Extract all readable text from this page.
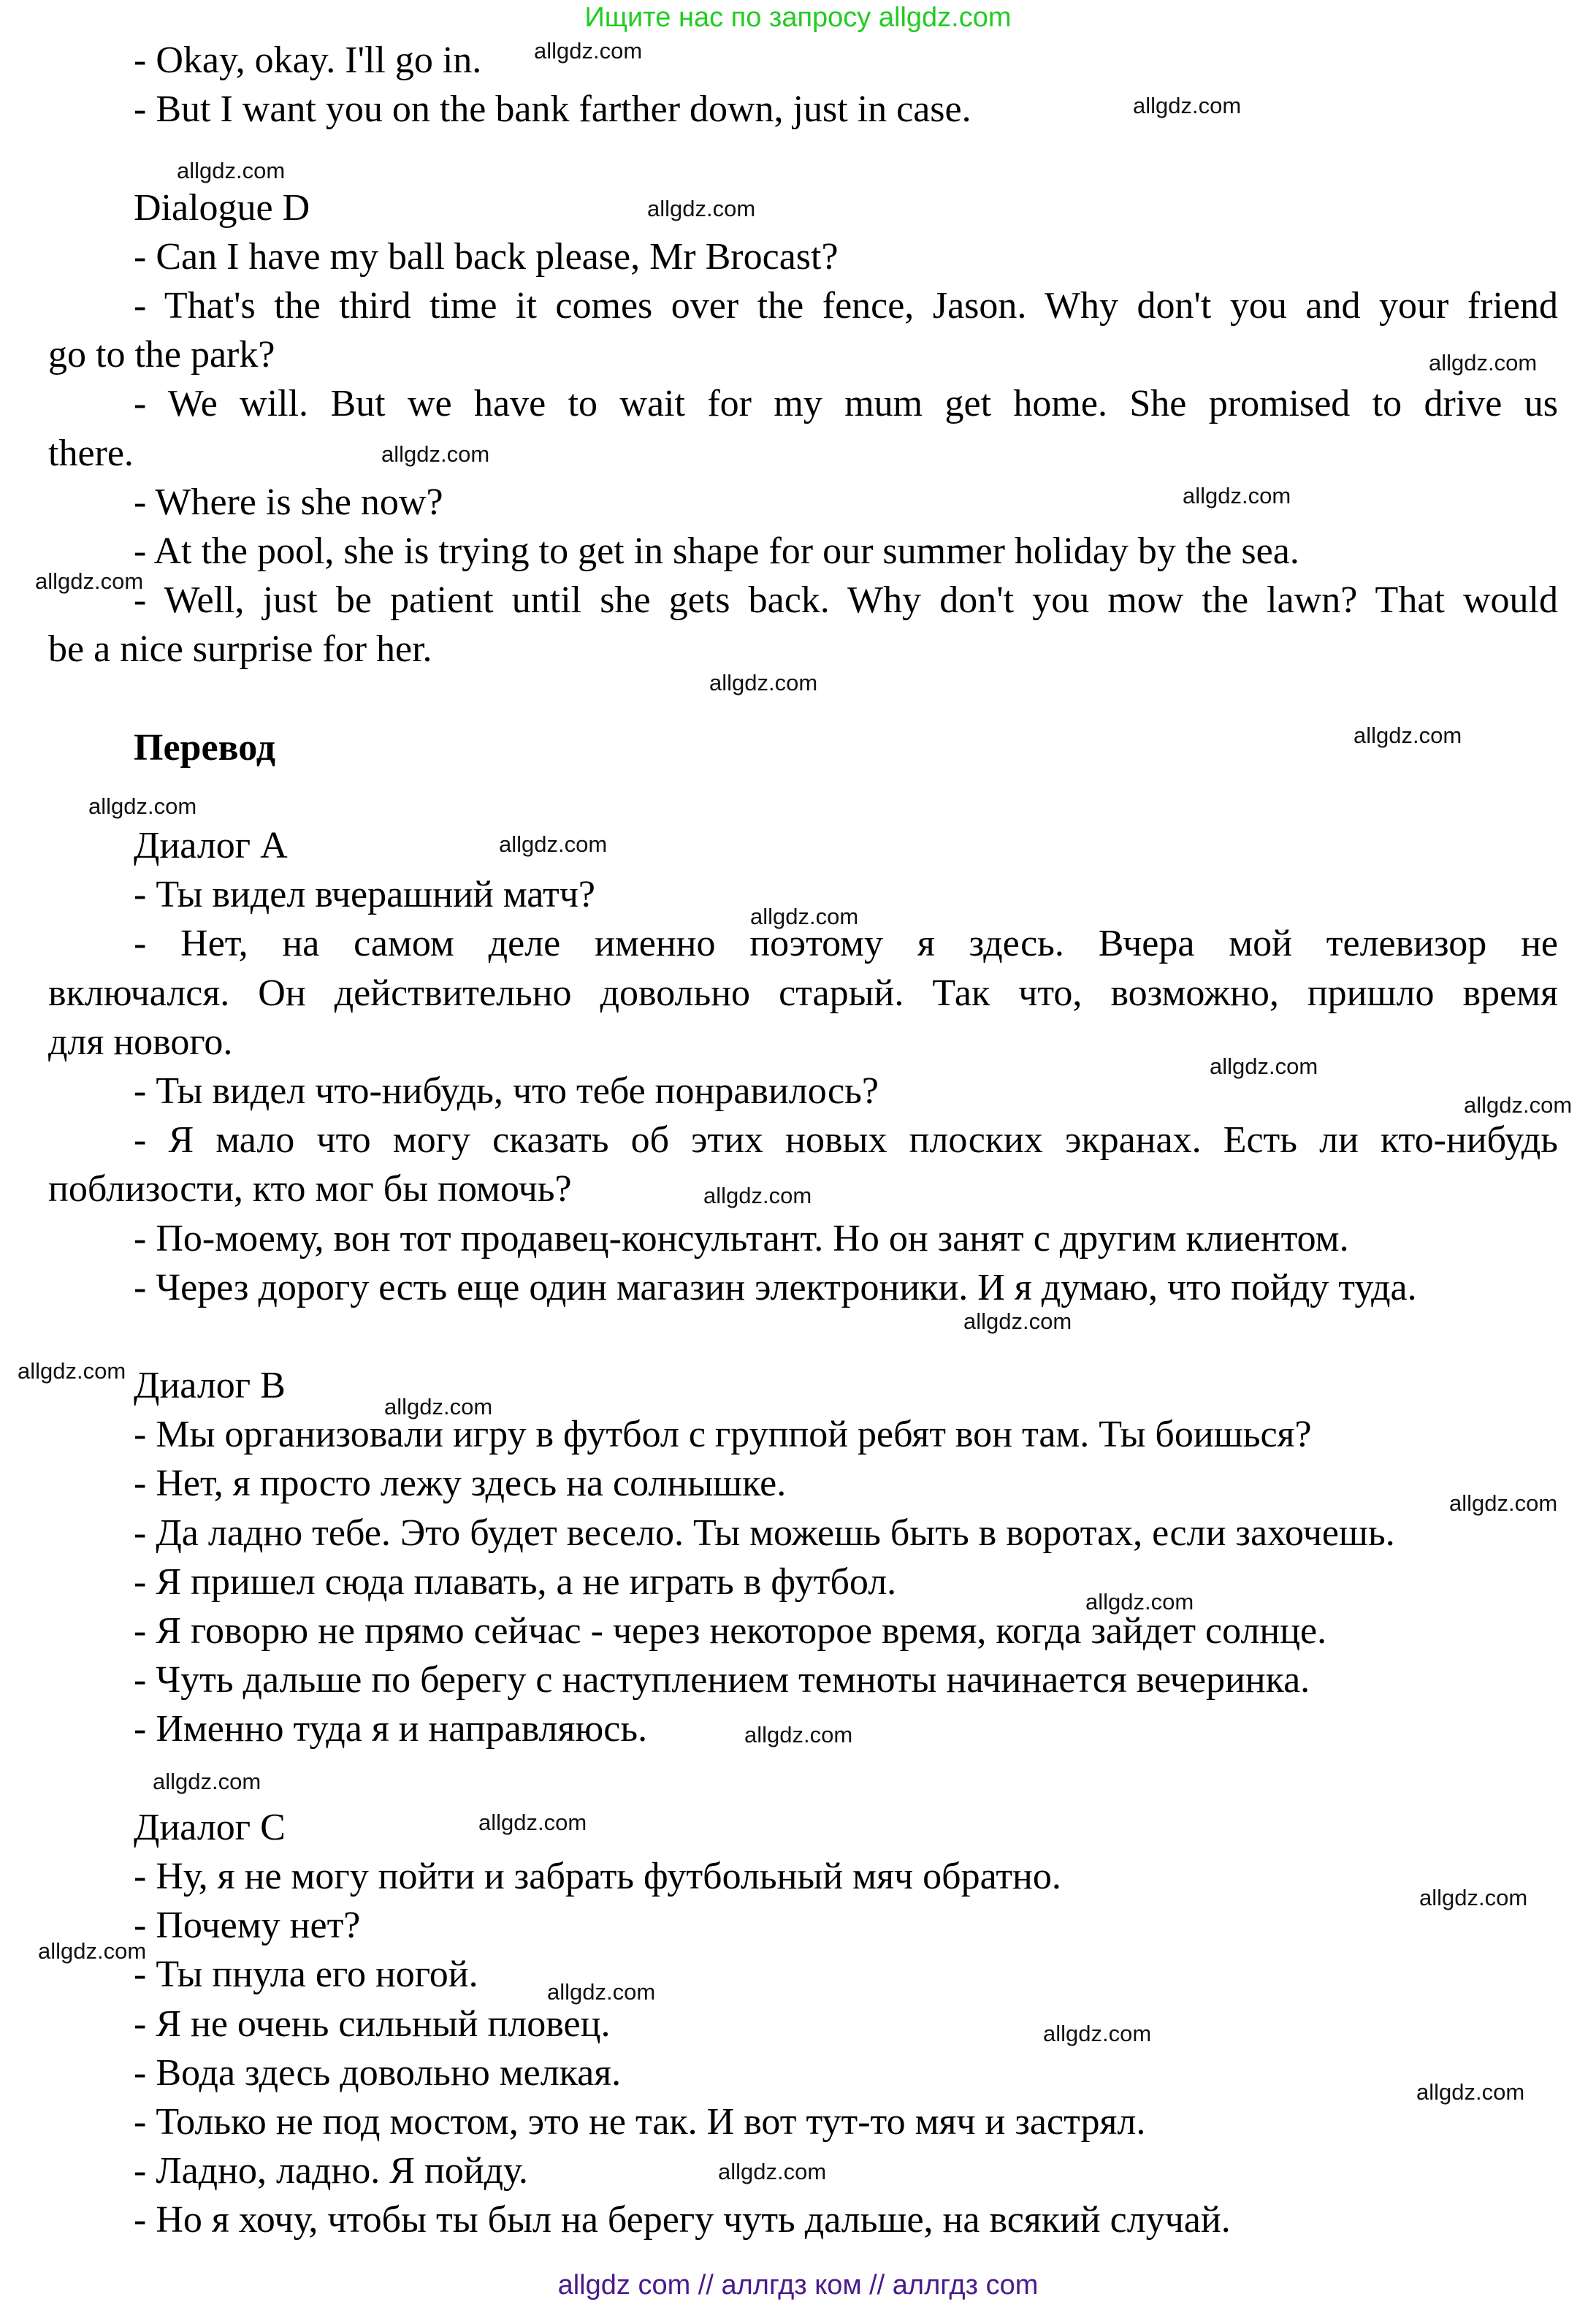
Ищите нас по запросу allgdz.com
- Okay, okay. I'll go in.
- But I want you on the bank farther down, just in case.
Dialogue D
- Can I have my ball back please, Mr Brocast?
- That's the third time it comes over the fence, Jason. Why don't you and your friend
go to the park?
- We will. But we have to wait for my mum get home. She promised to drive us
there.
- Where is she now?
- At the pool, she is trying to get in shape for our summer holiday by the sea.
- Well, just be patient until she gets back. Why don't you mow the lawn? That would
be a nice surprise for her.
Перевод
Диалог А
- Ты видел вчерашний матч?
- Нет, на самом деле именно поэтому я здесь. Вчера мой телевизор не
включался. Он действительно довольно старый. Так что, возможно, пришло время
для нового.
- Ты видел что-нибудь, что тебе понравилось?
- Я мало что могу сказать об этих новых плоских экранах. Есть ли кто-нибудь
поблизости, кто мог бы помочь?
- По-моему, вон тот продавец-консультант. Но он занят с другим клиентом.
- Через дорогу есть еще один магазин электроники. И я думаю, что пойду туда.
Диалог B
- Мы организовали игру в футбол с группой ребят вон там. Ты боишься?
- Нет, я просто лежу здесь на солнышке.
- Да ладно тебе. Это будет весело. Ты можешь быть в воротах, если захочешь.
- Я пришел сюда плавать, а не играть в футбол.
- Я говорю не прямо сейчас - через некоторое время, когда зайдет солнце.
- Чуть дальше по берегу с наступлением темноты начинается вечеринка.
- Именно туда я и направляюсь.
Диалог С
- Ну, я не могу пойти и забрать футбольный мяч обратно.
- Почему нет?
- Ты пнула его ногой.
- Я не очень сильный пловец.
- Вода здесь довольно мелкая.
- Только не под мостом, это не так. И вот тут-то мяч и застрял.
- Ладно, ладно. Я пойду.
- Но я хочу, чтобы ты был на берегу чуть дальше, на всякий случай.
allgdz.com
allgdz.com
allgdz.com
allgdz.com
allgdz.com
allgdz.com
allgdz.com
allgdz.com
allgdz.com
allgdz.com
allgdz.com
allgdz.com
allgdz.com
allgdz.com
allgdz.com
allgdz.com
allgdz.com
allgdz.com
allgdz.com
allgdz.com
allgdz.com
allgdz.com
allgdz.com
allgdz.com
allgdz.com
allgdz.com
allgdz.com
allgdz.com
allgdz.com
allgdz.com
allgdz com // аллгдз ком // аллгдз com
